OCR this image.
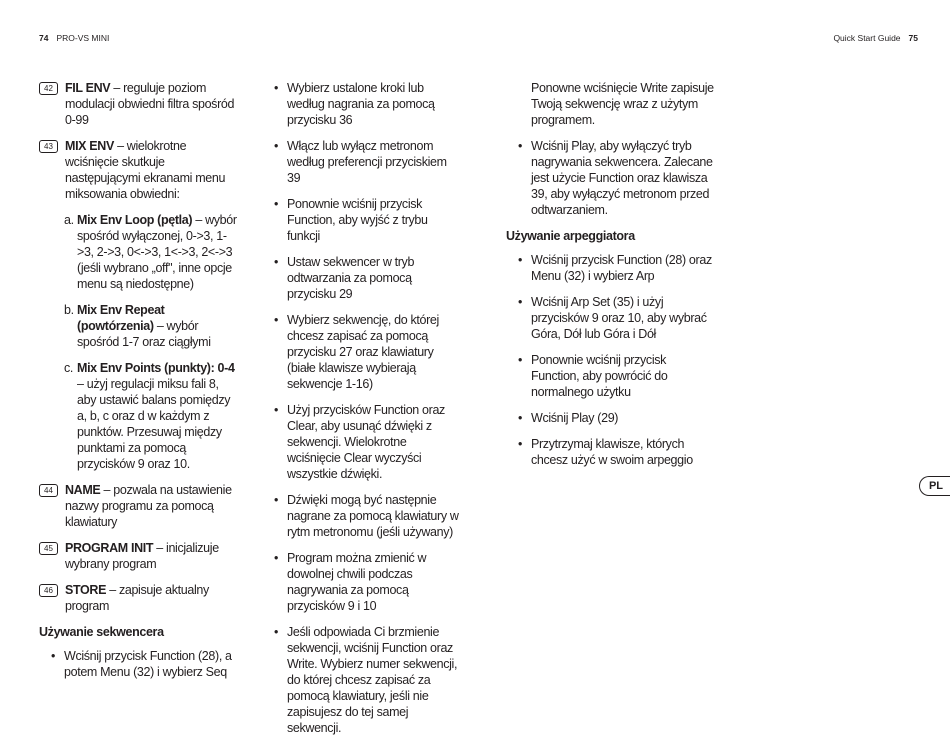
74 PRO-VS MINI	Quick Start Guide 75
42 FIL ENV – reguluje poziom modulacji obwiedni filtra spośród 0-99
43 MIX ENV – wielokrotne wciśnięcie skutkuje następującymi ekranami menu miksowania obwiedni:
a. Mix Env Loop (pętla) – wybór spośród wyłączonej, 0->3, 1->3, 2->3, 0<->3, 1<->3, 2<->3 (jeśli wybrano „off", inne opcje menu są niedostępne)
b. Mix Env Repeat (powtórzenia) – wybór spośród 1-7 oraz ciągłymi
c. Mix Env Points (punkty): 0-4 – użyj regulacji miksu fali 8, aby ustawić balans pomiędzy a, b, c oraz d w każdym z punktów. Przesuwaj między punktami za pomocą przycisków 9 oraz 10.
44 NAME – pozwala na ustawienie nazwy programu za pomocą klawiatury
45 PROGRAM INIT – inicjalizuje wybrany program
46 STORE – zapisuje aktualny program
Używanie sekwencera
• Wciśnij przycisk Function (28), a potem Menu (32) i wybierz Seq
• Wybierz ustalone kroki lub według nagrania za pomocą przycisku 36
• Włącz lub wyłącz metronom według preferencji przyciskiem 39
• Ponownie wciśnij przycisk Function, aby wyjść z trybu funkcji
• Ustaw sekwencer w tryb odtwarzania za pomocą przycisku 29
• Wybierz sekwencję, do której chcesz zapisać za pomocą przycisku 27 oraz klawiatury (białe klawisze wybierają sekwencje 1-16)
• Użyj przycisków Function oraz Clear, aby usunąć dźwięki z sekwencji. Wielokrotne wciśnięcie Clear wyczyści wszystkie dźwięki.
• Dźwięki mogą być następnie nagrane za pomocą klawiatury w rytm metronomu (jeśli używany)
• Program można zmienić w dowolnej chwili podczas nagrywania za pomocą przycisków 9 i 10
• Jeśli odpowiada Ci brzmienie sekwencji, wciśnij Function oraz Write. Wybierz numer sekwencji, do której chcesz zapisać za pomocą klawiatury, jeśli nie zapisujesz do tej samej sekwencji.
Ponowne wciśnięcie Write zapisuje Twoją sekwencję wraz z użytym programem.
• Wciśnij Play, aby wyłączyć tryb nagrywania sekwencera. Zalecane jest użycie Function oraz klawisza 39, aby wyłączyć metronom przed odtwarzaniem.
Używanie arpeggiatora
• Wciśnij przycisk Function (28) oraz Menu (32) i wybierz Arp
• Wciśnij Arp Set (35) i użyj przycisków 9 oraz 10, aby wybrać Góra, Dół lub Góra i Dół
• Ponownie wciśnij przycisk Function, aby powrócić do normalnego użytku
• Wciśnij Play (29)
• Przytrzymaj klawisze, których chcesz użyć w swoim arpeggio
PL
